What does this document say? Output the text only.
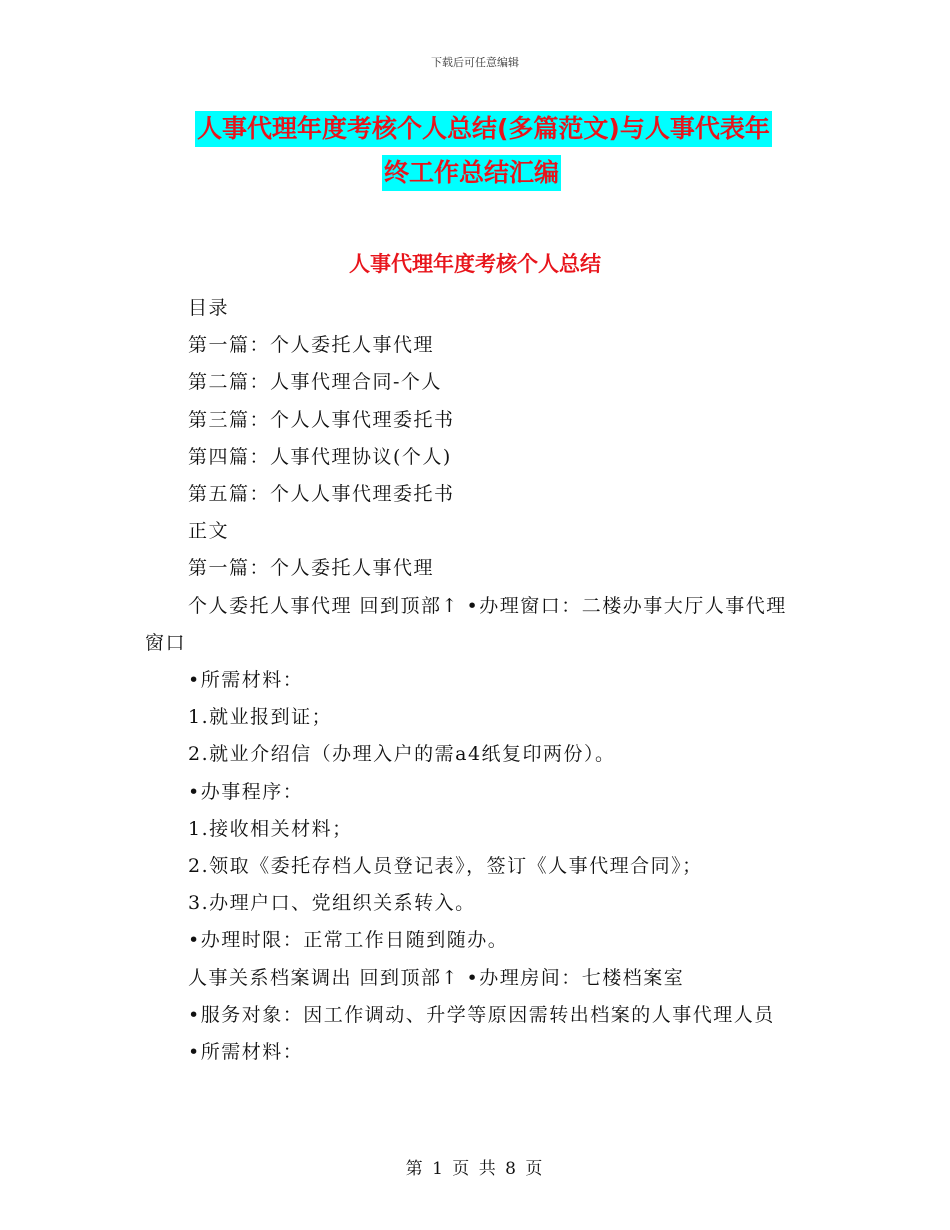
下载后可任意编辑
人事代理年度考核个人总结(多篇范文)与人事代表年
终工作总结汇编
人事代理年度考核个人总结

目录

第一篇：个人委托人事代理

第二篇：人事代理合同-个人

第三篇：个人人事代理委托书

第四篇：人事代理协议(个人)

第五篇：个人人事代理委托书

正文

第一篇：个人委托人事代理

个人委托人事代理 回到顶部↑ •办理窗口：二楼办事大厅人事代理窗口

•所需材料：

1.就业报到证；

2.就业介绍信（办理入户的需a4纸复印两份）。

•办事程序：

1.接收相关材料；

2.领取《委托存档人员登记表》，签订《人事代理合同》；

3.办理户口、党组织关系转入。

•办理时限：正常工作日随到随办。

人事关系档案调出 回到顶部↑ •办理房间：七楼档案室

•服务对象：因工作调动、升学等原因需转出档案的人事代理人员

•所需材料：

第 1 页 共 8 页
